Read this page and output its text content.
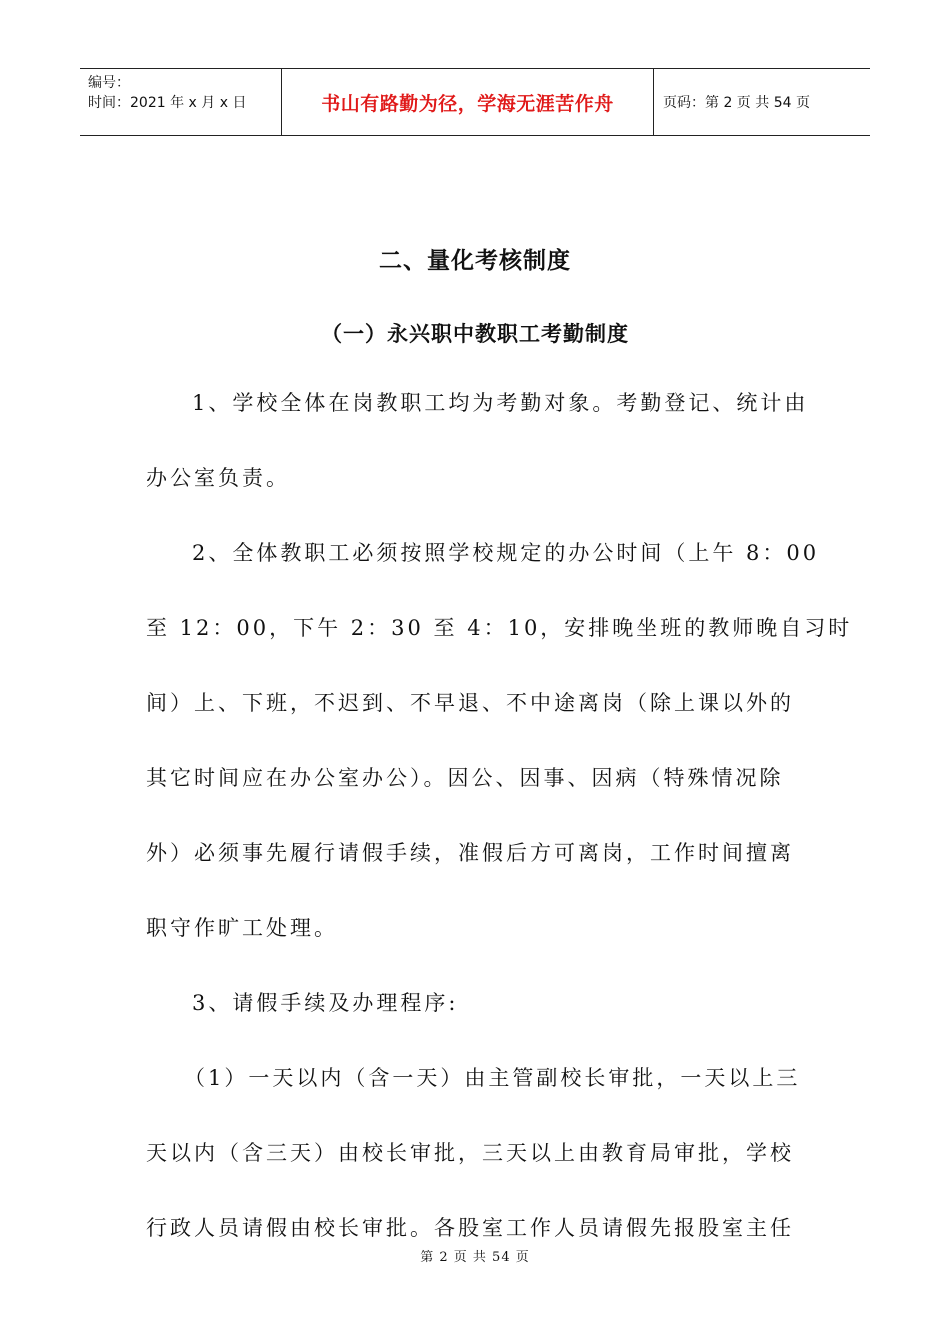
编号：
时间：2021 年 x 月 x 日	书山有路勤为径，学海无涯苦作舟	页码：第 2 页 共 54 页
二、量化考核制度
（一）永兴职中教职工考勤制度
1、学校全体在岗教职工均为考勤对象。考勤登记、统计由
办公室负责。
2、全体教职工必须按照学校规定的办公时间（上午 8：00
至 12：00，下午 2：30 至 4：10，安排晚坐班的教师晚自习时
间）上、下班，不迟到、不早退、不中途离岗（除上课以外的
其它时间应在办公室办公）。因公、因事、因病（特殊情况除
外）必须事先履行请假手续，准假后方可离岗，工作时间擅离
职守作旷工处理。
3、请假手续及办理程序:
（1）一天以内（含一天）由主管副校长审批，一天以上三
天以内（含三天）由校长审批，三天以上由教育局审批，学校
行政人员请假由校长审批。各股室工作人员请假先报股室主任
第 2 页 共 54 页
